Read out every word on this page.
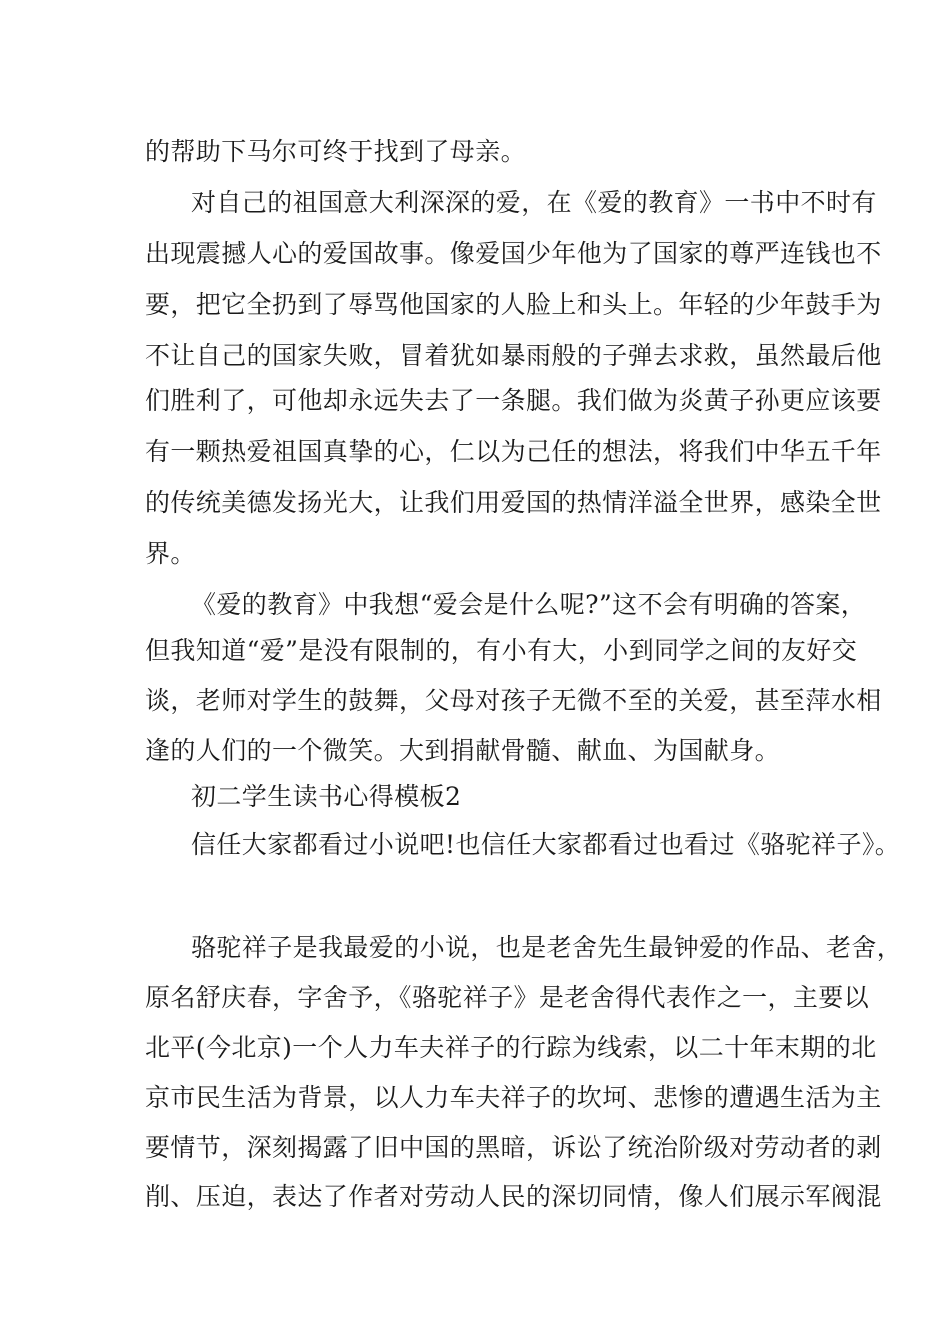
的帮助下马尔可终于找到了母亲。
对自己的祖国意大利深深的爱，在《爱的教育》一书中不时有
出现震撼人心的爱国故事。像爱国少年他为了国家的尊严连钱也不
要，把它全扔到了辱骂他国家的人脸上和头上。年轻的少年鼓手为
不让自己的国家失败，冒着犹如暴雨般的子弹去求救，虽然最后他
们胜利了，可他却永远失去了一条腿。我们做为炎黄子孙更应该要
有一颗热爱祖国真挚的心，仁以为己任的想法，将我们中华五千年
的传统美德发扬光大，让我们用爱国的热情洋溢全世界，感染全世
界。
《爱的教育》中我想“爱会是什么呢?”这不会有明确的答案，
但我知道“爱”是没有限制的，有小有大，小到同学之间的友好交
谈，老师对学生的鼓舞，父母对孩子无微不至的关爱，甚至萍水相
逢的人们的一个微笑。大到捐献骨髓、献血、为国献身。
初二学生读书心得模板2
信任大家都看过小说吧!也信任大家都看过也看过《骆驼祥子》。
骆驼祥子是我最爱的小说，也是老舍先生最钟爱的作品、老舍，
原名舒庆春，字舍予，《骆驼祥子》是老舍得代表作之一，主要以
北平(今北京)一个人力车夫祥子的行踪为线索，以二十年末期的北
京市民生活为背景，以人力车夫祥子的坎坷、悲惨的遭遇生活为主
要情节，深刻揭露了旧中国的黑暗，诉讼了统治阶级对劳动者的剥
削、压迫，表达了作者对劳动人民的深切同情，像人们展示军阀混
